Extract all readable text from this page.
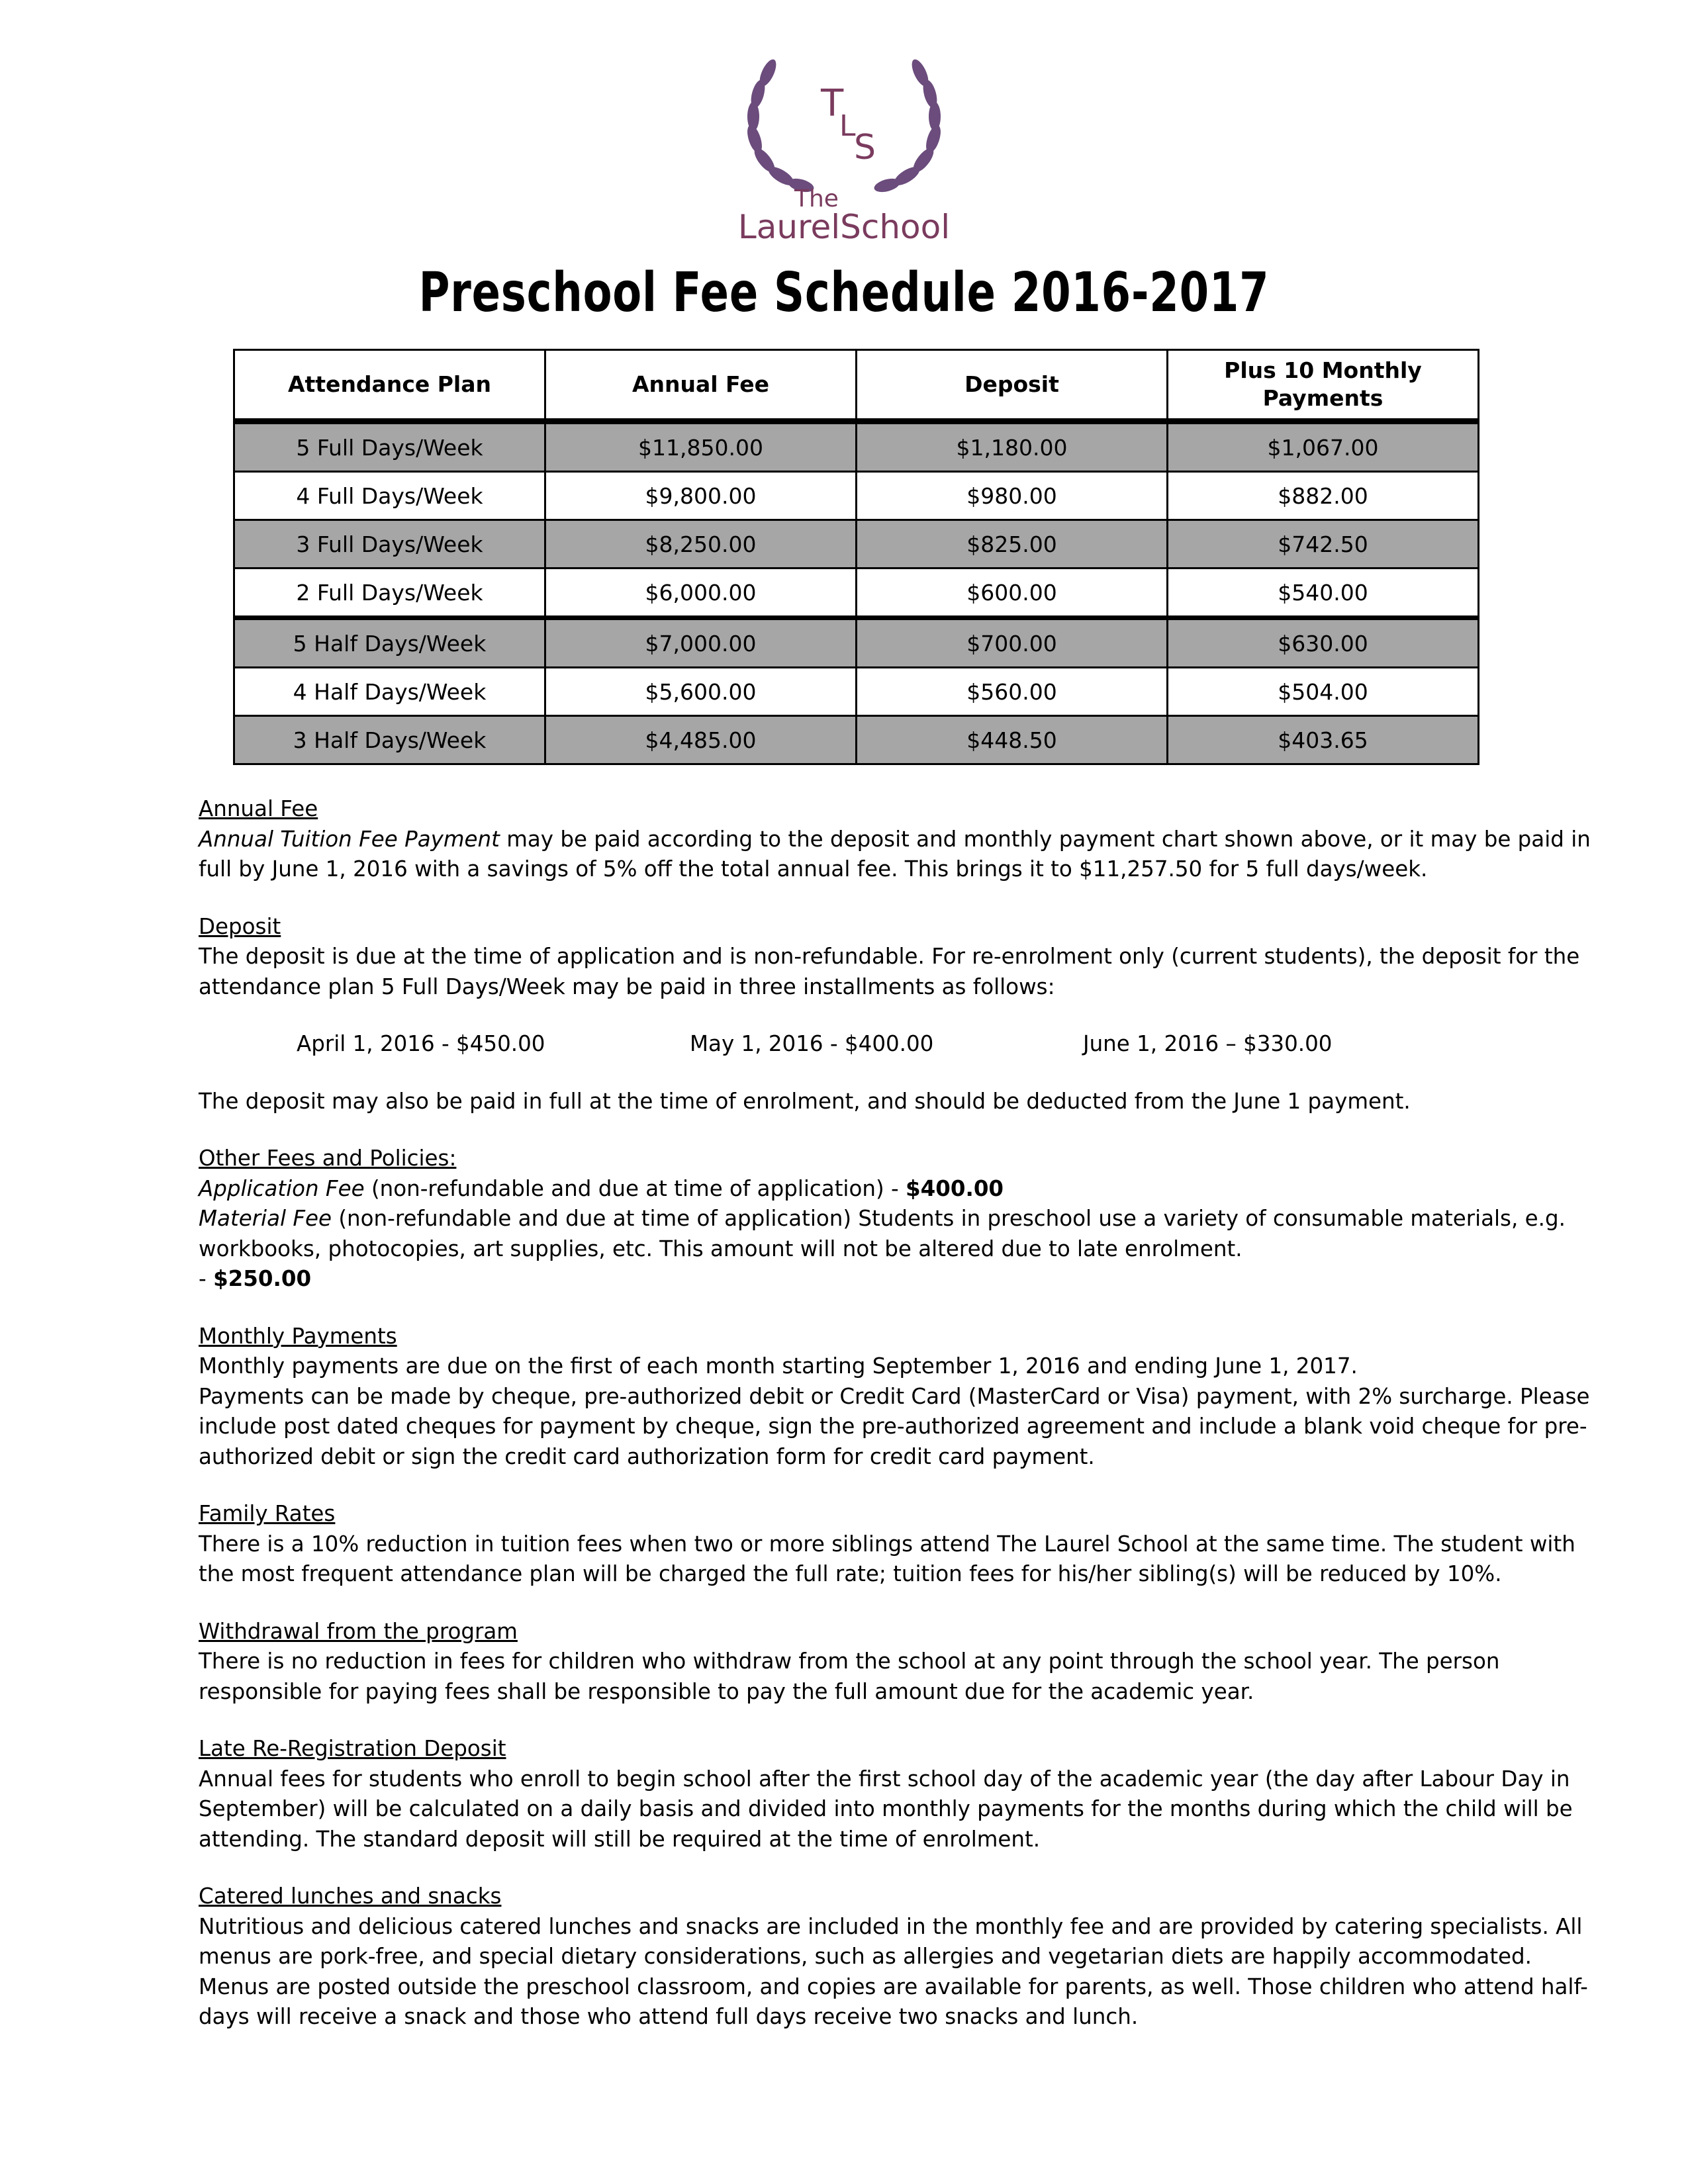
T
L
S
The
LaurelSchool
Preschool Fee Schedule 2016-2017
Attendance Plan	Annual Fee	Deposit	Plus 10 Monthly Payments
5 Full Days/Week	$11,850.00	$1,180.00	$1,067.00
4 Full Days/Week	$9,800.00	$980.00	$882.00
3 Full Days/Week	$8,250.00	$825.00	$742.50
2 Full Days/Week	$6,000.00	$600.00	$540.00
5 Half Days/Week	$7,000.00	$700.00	$630.00
4 Half Days/Week	$5,600.00	$560.00	$504.00
3 Half Days/Week	$4,485.00	$448.50	$403.65

Annual Fee

Annual Tuition Fee Payment may be paid according to the deposit and monthly payment chart shown above, or it may be paid in full by June 1, 2016 with a savings of 5% off the total annual fee. This brings it to $11,257.50 for 5 full days/week.

Deposit

The deposit is due at the time of application and is non-refundable. For re-enrolment only (current students), the deposit for the attendance plan 5 Full Days/Week may be paid in three installments as follows:

April 1, 2016 - $450.00	May 1, 2016 - $400.00	June 1, 2016 – $330.00

The deposit may also be paid in full at the time of enrolment, and should be deducted from the June 1 payment.

Other Fees and Policies:

Application Fee (non-refundable and due at time of application) - $400.00

Material Fee (non-refundable and due at time of application) Students in preschool use a variety of consumable materials, e.g. workbooks, photocopies, art supplies, etc. This amount will not be altered due to late enrolment.

- $250.00

Monthly Payments

Monthly payments are due on the first of each month starting September 1, 2016 and ending June 1, 2017.

Payments can be made by cheque, pre-authorized debit or Credit Card (MasterCard or Visa) payment, with 2% surcharge. Please include post dated cheques for payment by cheque, sign the pre-authorized agreement and include a blank void cheque for pre-authorized debit or sign the credit card authorization form for credit card payment.

Family Rates

There is a 10% reduction in tuition fees when two or more siblings attend The Laurel School at the same time. The student with the most frequent attendance plan will be charged the full rate; tuition fees for his/her sibling(s) will be reduced by 10%.

Withdrawal from the program

There is no reduction in fees for children who withdraw from the school at any point through the school year. The person responsible for paying fees shall be responsible to pay the full amount due for the academic year.

Late Re-Registration Deposit

Annual fees for students who enroll to begin school after the first school day of the academic year (the day after Labour Day in September) will be calculated on a daily basis and divided into monthly payments for the months during which the child will be attending. The standard deposit will still be required at the time of enrolment.

Catered lunches and snacks

Nutritious and delicious catered lunches and snacks are included in the monthly fee and are provided by catering specialists. All menus are pork-free, and special dietary considerations, such as allergies and vegetarian diets are happily accommodated. Menus are posted outside the preschool classroom, and copies are available for parents, as well. Those children who attend half-days will receive a snack and those who attend full days receive two snacks and lunch.
